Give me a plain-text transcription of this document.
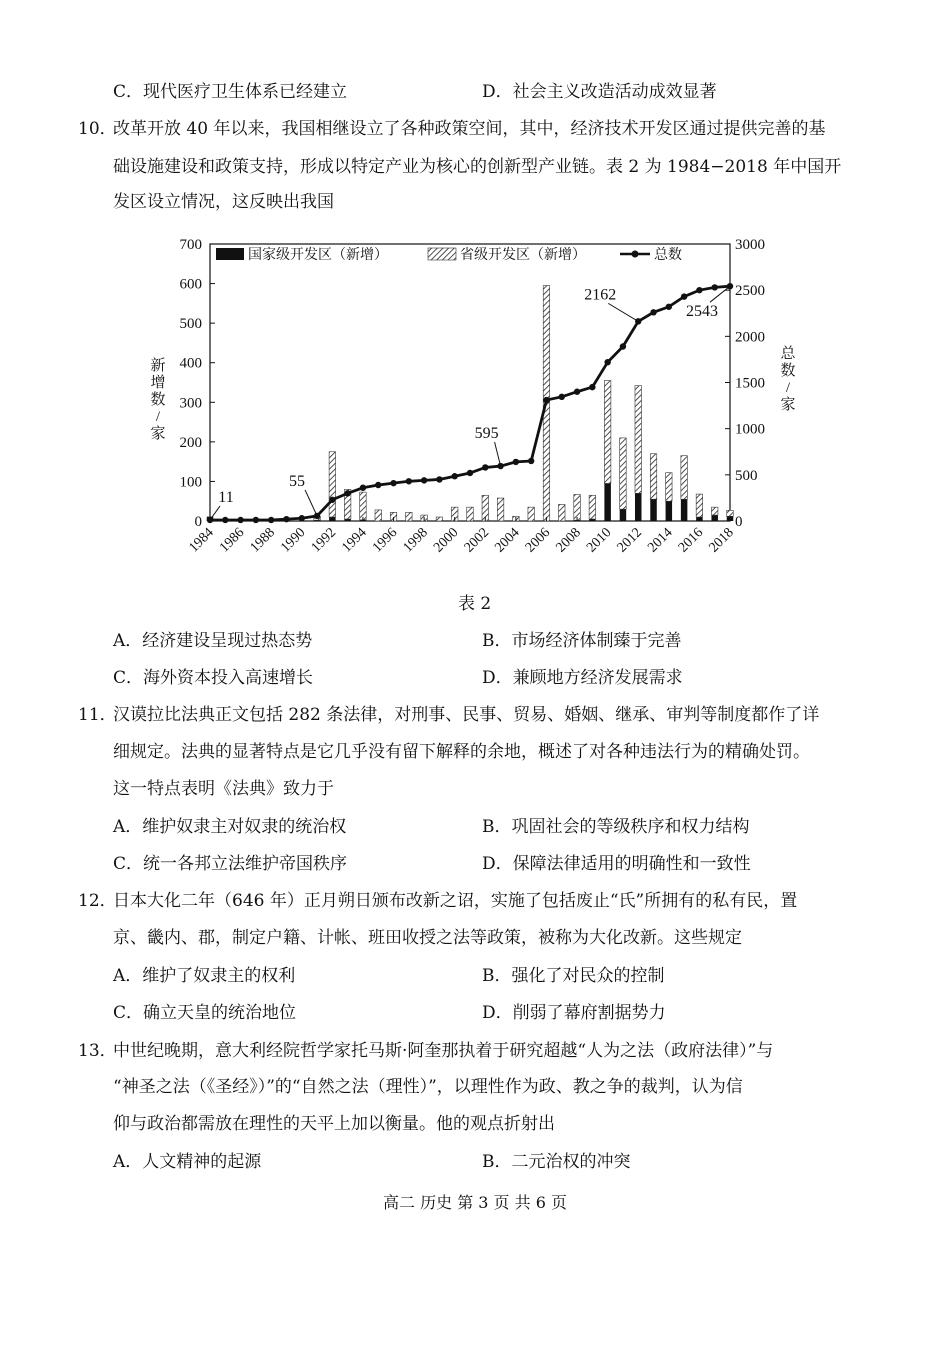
C．现代医疗卫生体系已经建立	D．社会主义改造活动成效显著
10．
改革开放 40 年以来，我国相继设立了各种政策空间，其中，经济技术开发区通过提供完善的基
础设施建设和政策支持，形成以特定产业为核心的创新型产业链。表 2 为 1984−2018 年中国开
发区设立情况，这反映出我国
0
100
200
300
400
500
600
700
0
500
1000
1500
2000
2500
3000
1984 1986 1988 1990 1992 1994 1996 1998 2000 2002 2004 2006 2008 2010 2012 2014 2016 2018
国家级开发区（新增）	省级开发区（新增）	总数
11
55
595
2162
2543
新增数/家
总数/家
表 2
A．经济建设呈现过热态势	B．市场经济体制臻于完善
C．海外资本投入高速增长	D．兼顾地方经济发展需求
11．
汉谟拉比法典正文包括 282 条法律，对刑事、民事、贸易、婚姻、继承、审判等制度都作了详
细规定。法典的显著特点是它几乎没有留下解释的余地，概述了对各种违法行为的精确处罚。
这一特点表明《法典》致力于
A．维护奴隶主对奴隶的统治权	B．巩固社会的等级秩序和权力结构
C．统一各邦立法维护帝国秩序	D．保障法律适用的明确性和一致性
12．
日本大化二年（646 年）正月朔日颁布改新之诏，实施了包括废止“氏”所拥有的私有民，置
京、畿内、郡，制定户籍、计帐、班田收授之法等政策，被称为大化改新。这些规定
A．维护了奴隶主的权利	B．强化了对民众的控制
C．确立天皇的统治地位	D．削弱了幕府割据势力
13．
中世纪晚期，意大利经院哲学家托马斯·阿奎那执着于研究超越“人为之法（政府法律）”与
“神圣之法（《圣经》）”的“自然之法（理性）”，以理性作为政、教之争的裁判，认为信
仰与政治都需放在理性的天平上加以衡量。他的观点折射出
A．人文精神的起源	B．二元治权的冲突
高二 历史 第 3 页 共 6 页
